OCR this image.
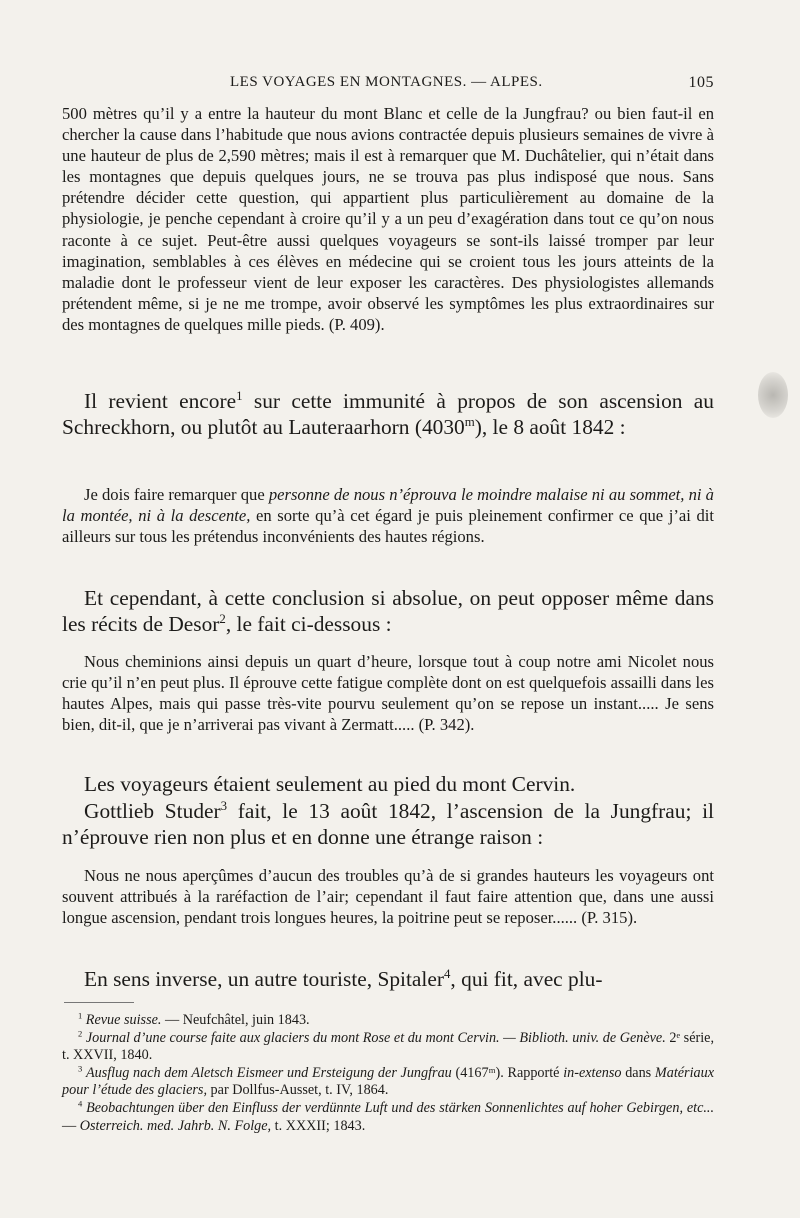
LES VOYAGES EN MONTAGNES. — ALPES.	105
500 mètres qu’il y a entre la hauteur du mont Blanc et celle de la Jungfrau? ou bien faut-il en chercher la cause dans l’habitude que nous avions contractée depuis plusieurs semaines de vivre à une hauteur de plus de 2,590 mètres; mais il est à remarquer que M. Duchâtelier, qui n’était dans les montagnes que depuis quelques jours, ne se trouva pas plus indisposé que nous. Sans prétendre décider cette question, qui appartient plus particulièrement au domaine de la physiologie, je penche cependant à croire qu’il y a un peu d’exagération dans tout ce qu’on nous raconte à ce sujet. Peut-être aussi quelques voyageurs se sont-ils laissé tromper par leur imagination, semblables à ces élèves en médecine qui se croient tous les jours atteints de la maladie dont le professeur vient de leur exposer les caractères. Des physiologistes allemands prétendent même, si je ne me trompe, avoir observé les symptômes les plus extraordinaires sur des montagnes de quelques mille pieds. (P. 409).
Il revient encore$^1$ sur cette immunité à propos de son ascension au Schreckhorn, ou plutôt au Lauteraarhorn (4030$^m$), le 8 août 1842 :
Je dois faire remarquer que personne de nous n’éprouva le moindre malaise ni au sommet, ni à la montée, ni à la descente, en sorte qu’à cet égard je puis pleinement confirmer ce que j’ai dit ailleurs sur tous les prétendus inconvénients des hautes régions.
Et cependant, à cette conclusion si absolue, on peut opposer même dans les récits de Desor$^2$, le fait ci-dessous :
Nous cheminions ainsi depuis un quart d’heure, lorsque tout à coup notre ami Nicolet nous crie qu’il n’en peut plus. Il éprouve cette fatigue complète dont on est quelquefois assailli dans les hautes Alpes, mais qui passe très-vite pourvu seulement qu’on se repose un instant..... Je sens bien, dit-il, que je n’arriverai pas vivant à Zermatt..... (P. 342).
Les voyageurs étaient seulement au pied du mont Cervin.
Gottlieb Studer$^3$ fait, le 13 août 1842, l’ascension de la Jungfrau; il n’éprouve rien non plus et en donne une étrange raison :
Nous ne nous aperçûmes d’aucun des troubles qu’à de si grandes hauteurs les voyageurs ont souvent attribués à la raréfaction de l’air; cependant il faut faire attention que, dans une aussi longue ascension, pendant trois longues heures, la poitrine peut se reposer...... (P. 315).
En sens inverse, un autre touriste, Spitaler$^4$, qui fit, avec plu-

$^1$ Revue suisse. — Neufchâtel, juin 1843.

$^2$ Journal d’une course faite aux glaciers du mont Rose et du mont Cervin. — Biblioth. univ. de Genève. 2ᵉ série, t. XXVII, 1840.

$^3$ Ausflug nach dem Aletsch Eismeer und Ersteigung der Jungfrau (4167ᵐ). Rapporté in-extenso dans Matériaux pour l’étude des glaciers, par Dollfus-Ausset, t. IV, 1864.

$^4$ Beobachtungen über den Einfluss der verdünnte Luft und des stärken Sonnenlichtes auf hoher Gebirgen, etc... — Osterreich. med. Jahrb. N. Folge, t. XXXII; 1843.
